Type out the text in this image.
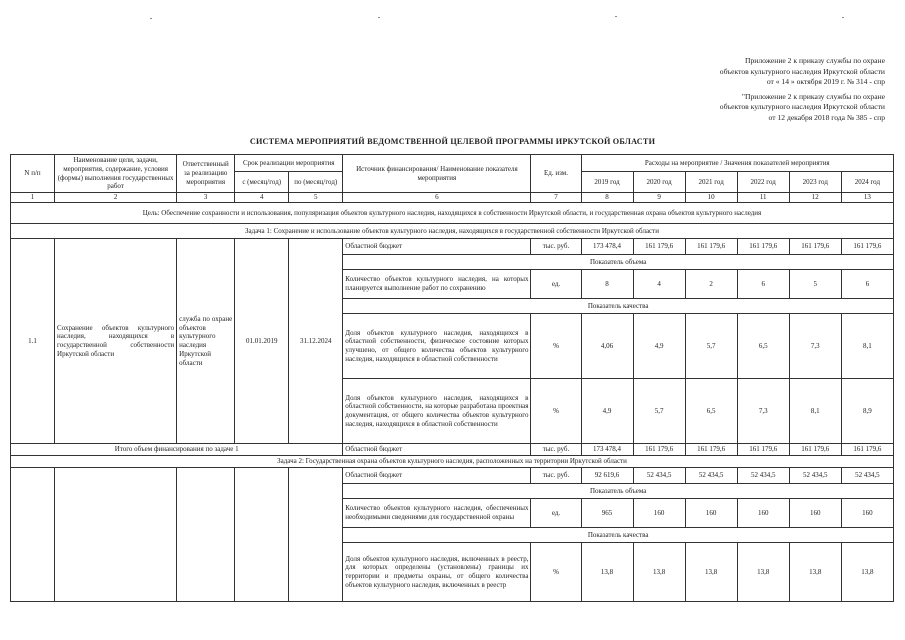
Приложение 2 к приказу службы по охране
объектов культурного наследия Иркутской области
от « 14 » октября 2019 г. № 314 - спр
"Приложение 2 к приказу службы по охране
объектов культурного наследия Иркутской области
от 12 декабря 2018 года № 385 - спр
СИСТЕМА МЕРОПРИЯТИЙ ВЕДОМСТВЕННОЙ ЦЕЛЕВОЙ ПРОГРАММЫ ИРКУТСКОЙ ОБЛАСТИ
N п/п	Наименование цели, задачи, мероприятия, содержание, условия (формы) выполнения государственных работ	Ответственный за реализацию мероприятия	Срок реализации мероприятия		Источник финансирования/ Наименование показателя мероприятия	Ед. изм.	Расходы на мероприятие / Значения показателей мероприятия					
			с (месяц/год)	по (месяц/год)			2019 год	2020 год	2021 год	2022 год	2023 год	2024 год
1	2	3	4	5	6	7	8	9	10	11	12	13
Цель: Обеспечение сохранности и использования, популяризация объектов культурного наследия, находящихся в собственности Иркутской области, и государственная охрана объектов культурного наследия												
Задача 1: Сохранение и использование объектов культурного наследия, находящихся в государственной собственности Иркутской области												
1.1	Сохранение объектов культурного наследия, находящихся в государственной собственности Иркутской области	служба по охране объектов культурного наследия Иркутской области	01.01.2019	31.12.2024	Областной бюджет	тыс. руб.	173 478,4	161 179,6	161 179,6	161 179,6	161 179,6	161 179,6
					Показатель объема							
					Количество объектов культурного наследия, на которых планируется выполнение работ по сохранению	ед.	8	4	2	6	5	6
					Показатель качества							
					Доля объектов культурного наследия, находящихся в областной собственности, физическое состояние которых улучшено, от общего количества объектов культурного наследия, находящихся в областной собственности	%	4,06	4,9	5,7	6,5	7,3	8,1
					Доля объектов культурного наследия, находящихся в областной собственности, на которые разработана проектная документация, от общего количества объектов культурного наследия, находящихся в областной собственности	%	4,9	5,7	6,5	7,3	8,1	8,9
Итого объем финансирования по задаче 1					Областной бюджет	тыс. руб.	173 478,4	161 179,6	161 179,6	161 179,6	161 179,6	161 179,6
Задача 2: Государственная охрана объектов культурного наследия, расположенных на территории Иркутской области												
					Областной бюджет	тыс. руб.	92 619,6	52 434,5	52 434,5	52 434,5	52 434,5	52 434,5
					Показатель объема							
					Количество объектов культурного наследия, обеспеченных необходимыми сведениями для государственной охраны	ед.	965	160	160	160	160	160
					Показатель качества							
					Доля объектов культурного наследия, включенных в реестр, для которых определены (установлены) границы их территории и предметы охраны, от общего количества объектов культурного наследия, включенных в реестр	%	13,8	13,8	13,8	13,8	13,8	13,8
